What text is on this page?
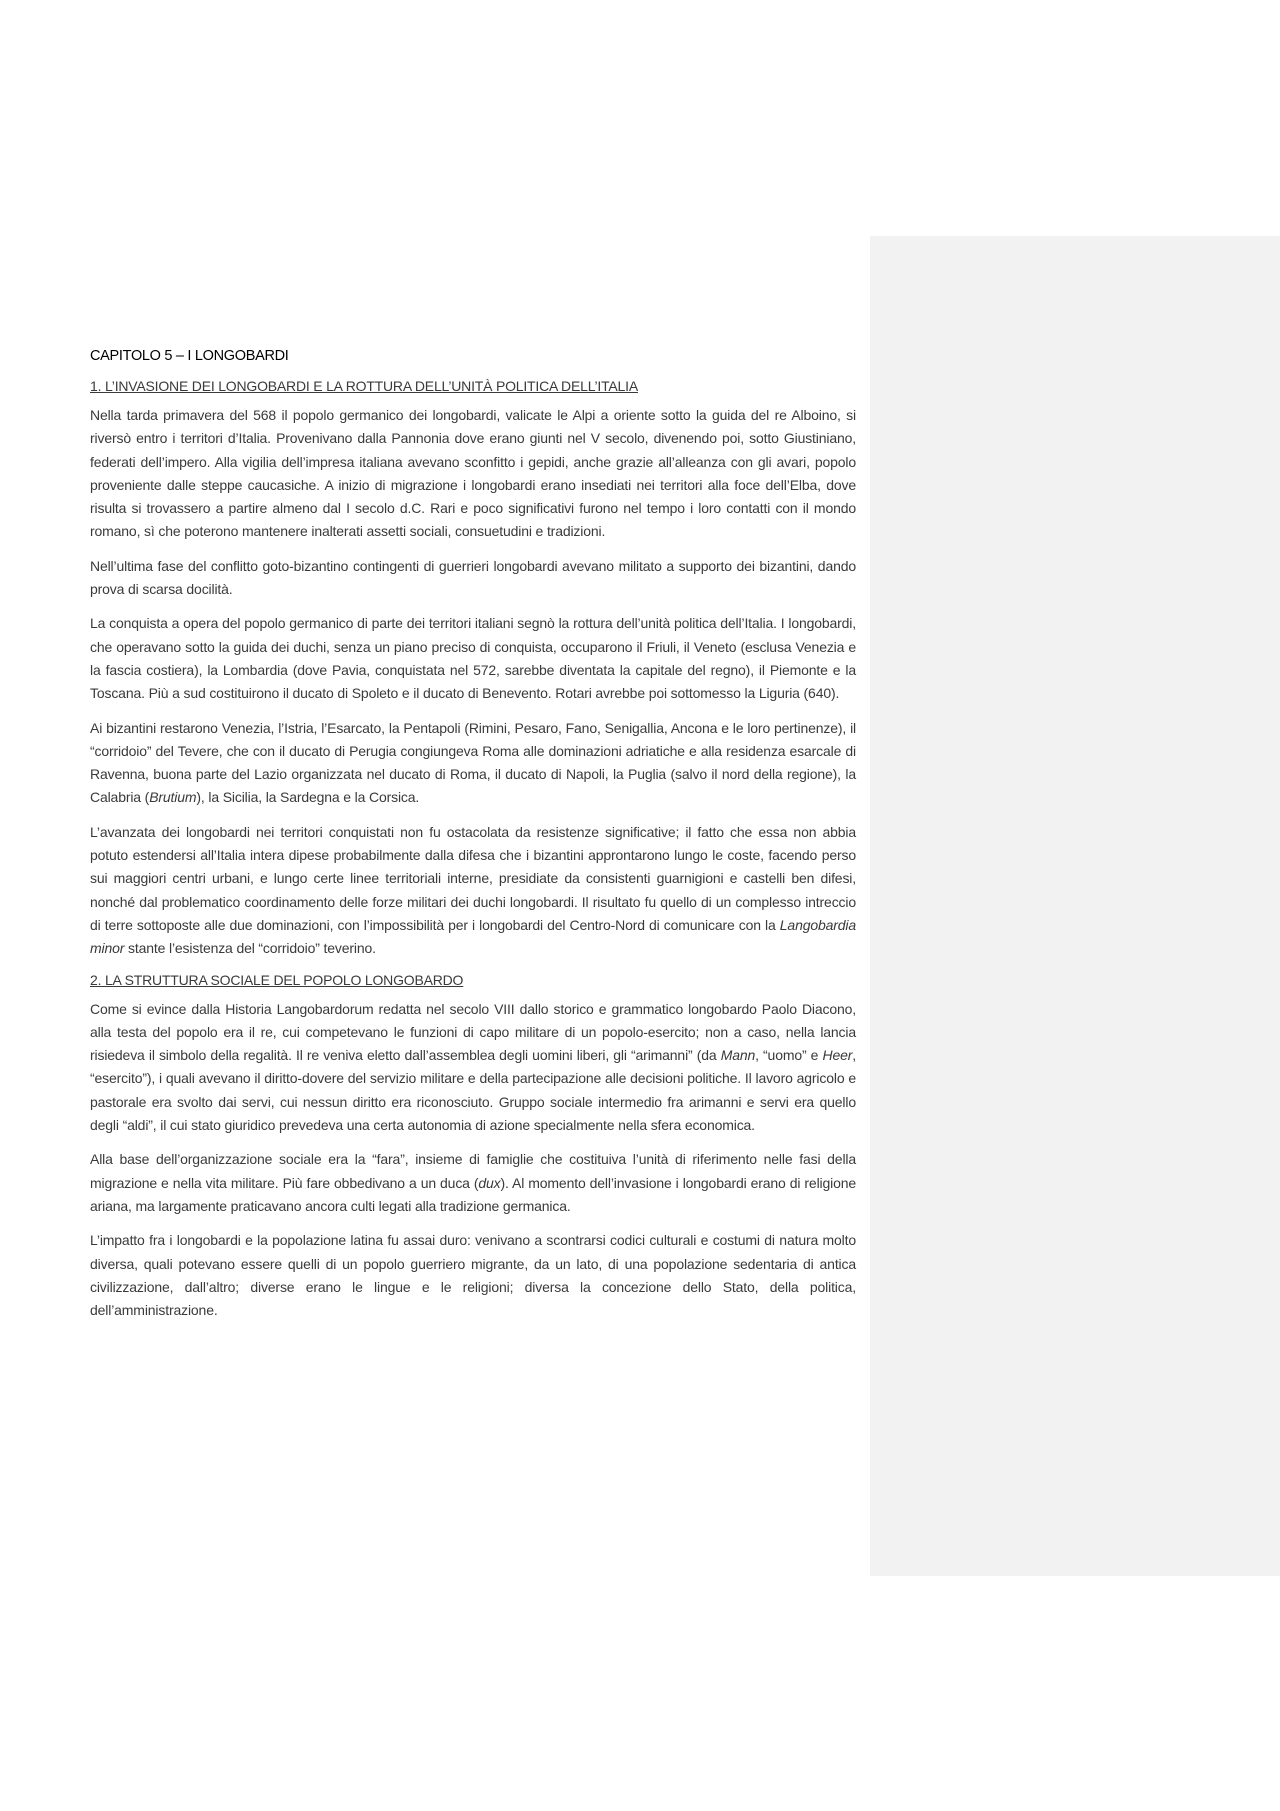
CAPITOLO 5 – I LONGOBARDI
1. L’INVASIONE DEI LONGOBARDI E LA ROTTURA DELL’UNITÀ POLITICA DELL’ITALIA

Nella tarda primavera del 568 il popolo germanico dei longobardi, valicate le Alpi a oriente sotto la guida del re Alboino, si riversò entro i territori d’Italia. Provenivano dalla Pannonia dove erano giunti nel V secolo, divenendo poi, sotto Giustiniano, federati dell’impero. Alla vigilia dell’impresa italiana avevano sconfitto i gepidi, anche grazie all’alleanza con gli avari, popolo proveniente dalle steppe caucasiche. A inizio di migrazione i longobardi erano insediati nei territori alla foce dell’Elba, dove risulta si trovassero a partire almeno dal I secolo d.C. Rari e poco significativi furono nel tempo i loro contatti con il mondo romano, sì che poterono mantenere inalterati assetti sociali, consuetudini e tradizioni.

Nell’ultima fase del conflitto goto-bizantino contingenti di guerrieri longobardi avevano militato a supporto dei bizantini, dando prova di scarsa docilità.

La conquista a opera del popolo germanico di parte dei territori italiani segnò la rottura dell’unità politica dell’Italia. I longobardi, che operavano sotto la guida dei duchi, senza un piano preciso di conquista, occuparono il Friuli, il Veneto (esclusa Venezia e la fascia costiera), la Lombardia (dove Pavia, conquistata nel 572, sarebbe diventata la capitale del regno), il Piemonte e la Toscana. Più a sud costituirono il ducato di Spoleto e il ducato di Benevento. Rotari avrebbe poi sottomesso la Liguria (640).

Ai bizantini restarono Venezia, l’Istria, l’Esarcato, la Pentapoli (Rimini, Pesaro, Fano, Senigallia, Ancona e le loro pertinenze), il “corridoio” del Tevere, che con il ducato di Perugia congiungeva Roma alle dominazioni adriatiche e alla residenza esarcale di Ravenna, buona parte del Lazio organizzata nel ducato di Roma, il ducato di Napoli, la Puglia (salvo il nord della regione), la Calabria (Brutium), la Sicilia, la Sardegna e la Corsica.

L’avanzata dei longobardi nei territori conquistati non fu ostacolata da resistenze significative; il fatto che essa non abbia potuto estendersi all’Italia intera dipese probabilmente dalla difesa che i bizantini approntarono lungo le coste, facendo perso sui maggiori centri urbani, e lungo certe linee territoriali interne, presidiate da consistenti guarnigioni e castelli ben difesi, nonché dal problematico coordinamento delle forze militari dei duchi longobardi. Il risultato fu quello di un complesso intreccio di terre sottoposte alle due dominazioni, con l’impossibilità per i longobardi del Centro-Nord di comunicare con la Langobardia minor stante l’esistenza del “corridoio” teverino.

2. LA STRUTTURA SOCIALE DEL POPOLO LONGOBARDO

Come si evince dalla Historia Langobardorum redatta nel secolo VIII dallo storico e grammatico longobardo Paolo Diacono, alla testa del popolo era il re, cui competevano le funzioni di capo militare di un popolo-esercito; non a caso, nella lancia risiedeva il simbolo della regalità. Il re veniva eletto dall’assemblea degli uomini liberi, gli “arimanni” (da Mann, “uomo” e Heer, “esercito”), i quali avevano il diritto-dovere del servizio militare e della partecipazione alle decisioni politiche. Il lavoro agricolo e pastorale era svolto dai servi, cui nessun diritto era riconosciuto. Gruppo sociale intermedio fra arimanni e servi era quello degli “aldi”, il cui stato giuridico prevedeva una certa autonomia di azione specialmente nella sfera economica.

Alla base dell’organizzazione sociale era la “fara”, insieme di famiglie che costituiva l’unità di riferimento nelle fasi della migrazione e nella vita militare. Più fare obbedivano a un duca (dux). Al momento dell’invasione i longobardi erano di religione ariana, ma largamente praticavano ancora culti legati alla tradizione germanica.

L’impatto fra i longobardi e la popolazione latina fu assai duro: venivano a scontrarsi codici culturali e costumi di natura molto diversa, quali potevano essere quelli di un popolo guerriero migrante, da un lato, di una popolazione sedentaria di antica civilizzazione, dall’altro; diverse erano le lingue e le religioni; diversa la concezione dello Stato, della politica, dell’amministrazione.
